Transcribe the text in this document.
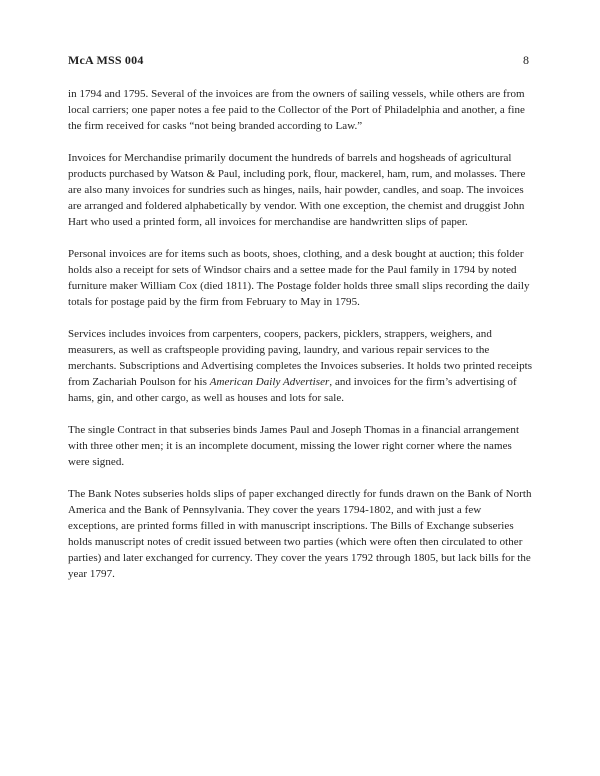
McA MSS 004	8

in 1794 and 1795. Several of the invoices are from the owners of sailing vessels, while others are from local carriers; one paper notes a fee paid to the Collector of the Port of Philadelphia and another, a fine the firm received for casks “not being branded according to Law.”

Invoices for Merchandise primarily document the hundreds of barrels and hogsheads of agricultural products purchased by Watson & Paul, including pork, flour, mackerel, ham, rum, and molasses. There are also many invoices for sundries such as hinges, nails, hair powder, candles, and soap. The invoices are arranged and foldered alphabetically by vendor. With one exception, the chemist and druggist John Hart who used a printed form, all invoices for merchandise are handwritten slips of paper.

Personal invoices are for items such as boots, shoes, clothing, and a desk bought at auction; this folder holds also a receipt for sets of Windsor chairs and a settee made for the Paul family in 1794 by noted furniture maker William Cox (died 1811). The Postage folder holds three small slips recording the daily totals for postage paid by the firm from February to May in 1795.

Services includes invoices from carpenters, coopers, packers, picklers, strappers, weighers, and measurers, as well as craftspeople providing paving, laundry, and various repair services to the merchants. Subscriptions and Advertising completes the Invoices subseries. It holds two printed receipts from Zachariah Poulson for his American Daily Advertiser, and invoices for the firm’s advertising of hams, gin, and other cargo, as well as houses and lots for sale.

The single Contract in that subseries binds James Paul and Joseph Thomas in a financial arrangement with three other men; it is an incomplete document, missing the lower right corner where the names were signed.

The Bank Notes subseries holds slips of paper exchanged directly for funds drawn on the Bank of North America and the Bank of Pennsylvania. They cover the years 1794-1802, and with just a few exceptions, are printed forms filled in with manuscript inscriptions. The Bills of Exchange subseries holds manuscript notes of credit issued between two parties (which were often then circulated to other parties) and later exchanged for currency. They cover the years 1792 through 1805, but lack bills for the year 1797.
